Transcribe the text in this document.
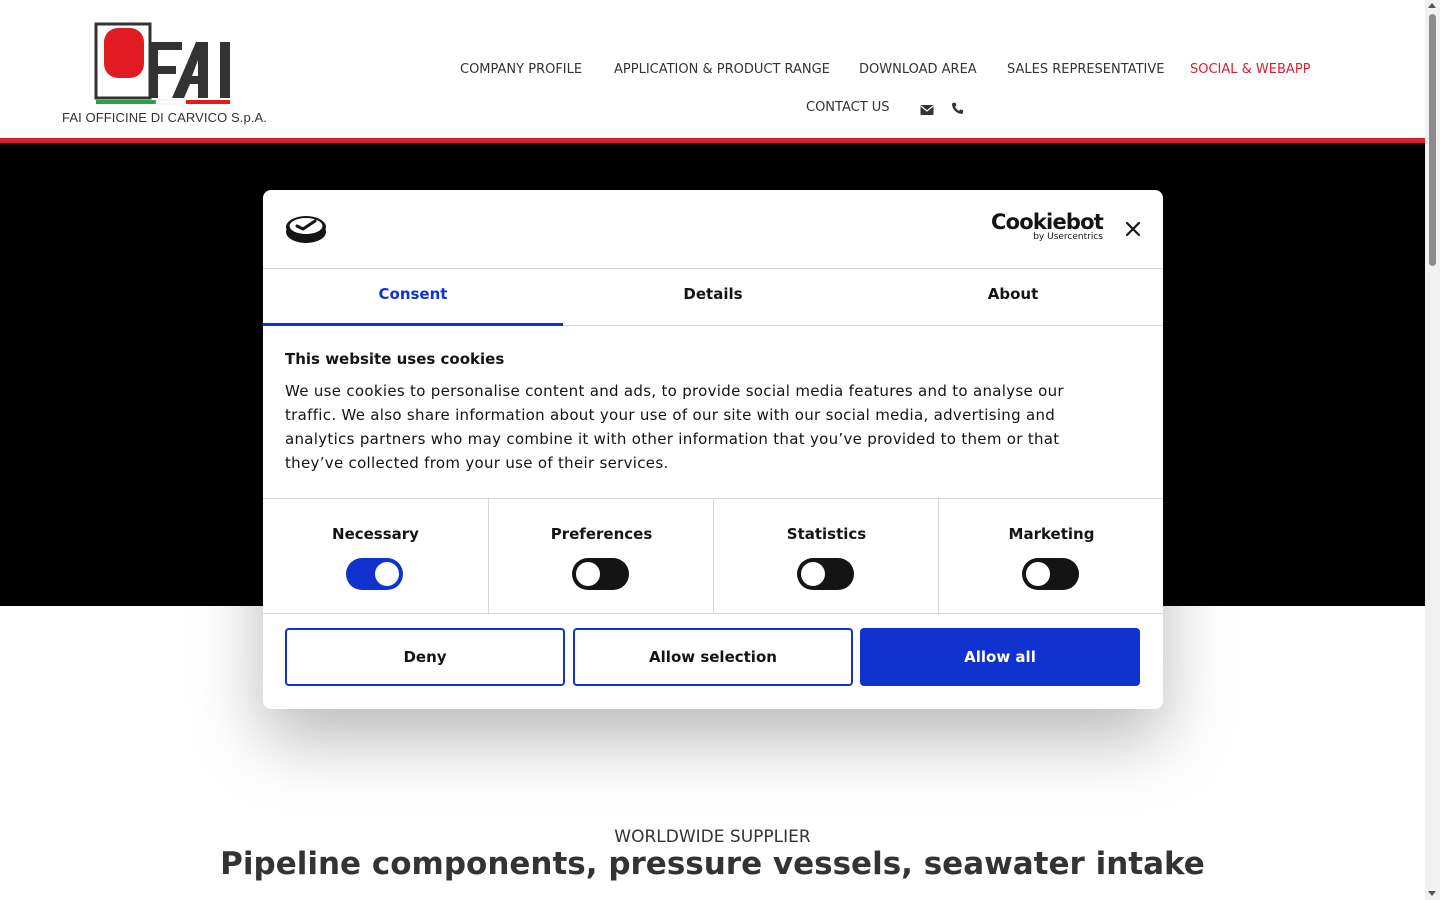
FAI OFFICINE DI CARVICO S.p.A.
COMPANY PROFILE APPLICATION & PRODUCT RANGE DOWNLOAD AREA SALES REPRESENTATIVE SOCIAL & WEBAPP
CONTACT US
WORLDWIDE SUPPLIER
Pipeline components, pressure vessels, seawater intake
Cookiebot
by Usercentrics
Consent	Details	About
This website uses cookies
We use cookies to personalise content and ads, to provide social media features and to analyse our traffic. We also share information about your use of our site with our social media, advertising and analytics partners who may combine it with other information that you’ve provided to them or that they’ve collected from your use of their services.
Necessary	Preferences	Statistics	Marketing
Deny	Allow selection	Allow all
